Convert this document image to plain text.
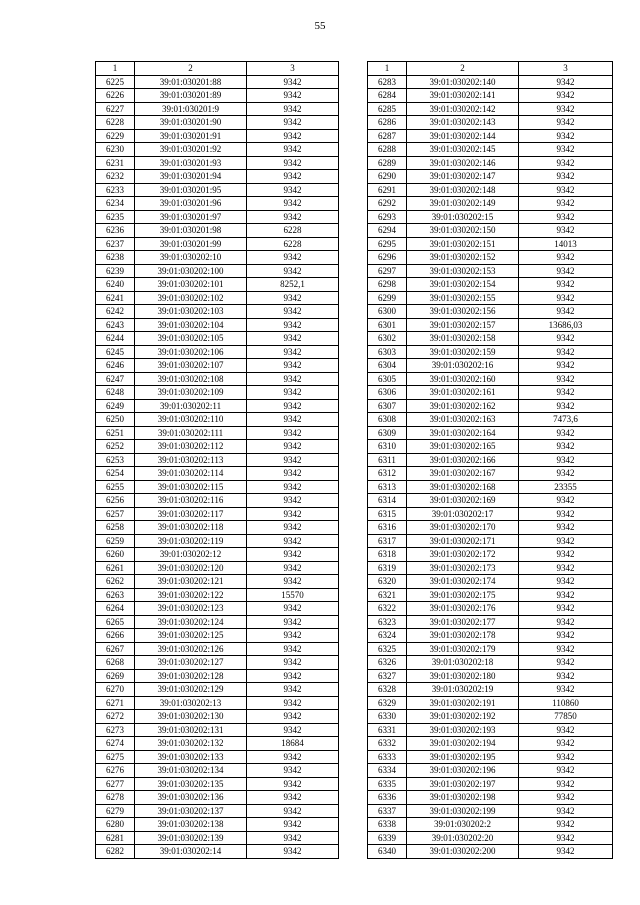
55
1	2	3
6225	39:01:030201:88	9342
6226	39:01:030201:89	9342
6227	39:01:030201:9	9342
6228	39:01:030201:90	9342
6229	39:01:030201:91	9342
6230	39:01:030201:92	9342
6231	39:01:030201:93	9342
6232	39:01:030201:94	9342
6233	39:01:030201:95	9342
6234	39:01:030201:96	9342
6235	39:01:030201:97	9342
6236	39:01:030201:98	6228
6237	39:01:030201:99	6228
6238	39:01:030202:10	9342
6239	39:01:030202:100	9342
6240	39:01:030202:101	8252,1
6241	39:01:030202:102	9342
6242	39:01:030202:103	9342
6243	39:01:030202:104	9342
6244	39:01:030202:105	9342
6245	39:01:030202:106	9342
6246	39:01:030202:107	9342
6247	39:01:030202:108	9342
6248	39:01:030202:109	9342
6249	39:01:030202:11	9342
6250	39:01:030202:110	9342
6251	39:01:030202:111	9342
6252	39:01:030202:112	9342
6253	39:01:030202:113	9342
6254	39:01:030202:114	9342
6255	39:01:030202:115	9342
6256	39:01:030202:116	9342
6257	39:01:030202:117	9342
6258	39:01:030202:118	9342
6259	39:01:030202:119	9342
6260	39:01:030202:12	9342
6261	39:01:030202:120	9342
6262	39:01:030202:121	9342
6263	39:01:030202:122	15570
6264	39:01:030202:123	9342
6265	39:01:030202:124	9342
6266	39:01:030202:125	9342
6267	39:01:030202:126	9342
6268	39:01:030202:127	9342
6269	39:01:030202:128	9342
6270	39:01:030202:129	9342
6271	39:01:030202:13	9342
6272	39:01:030202:130	9342
6273	39:01:030202:131	9342
6274	39:01:030202:132	18684
6275	39:01:030202:133	9342
6276	39:01:030202:134	9342
6277	39:01:030202:135	9342
6278	39:01:030202:136	9342
6279	39:01:030202:137	9342
6280	39:01:030202:138	9342
6281	39:01:030202:139	9342
6282	39:01:030202:14	9342
1	2	3
6283	39:01:030202:140	9342
6284	39:01:030202:141	9342
6285	39:01:030202:142	9342
6286	39:01:030202:143	9342
6287	39:01:030202:144	9342
6288	39:01:030202:145	9342
6289	39:01:030202:146	9342
6290	39:01:030202:147	9342
6291	39:01:030202:148	9342
6292	39:01:030202:149	9342
6293	39:01:030202:15	9342
6294	39:01:030202:150	9342
6295	39:01:030202:151	14013
6296	39:01:030202:152	9342
6297	39:01:030202:153	9342
6298	39:01:030202:154	9342
6299	39:01:030202:155	9342
6300	39:01:030202:156	9342
6301	39:01:030202:157	13686,03
6302	39:01:030202:158	9342
6303	39:01:030202:159	9342
6304	39:01:030202:16	9342
6305	39:01:030202:160	9342
6306	39:01:030202:161	9342
6307	39:01:030202:162	9342
6308	39:01:030202:163	7473,6
6309	39:01:030202:164	9342
6310	39:01:030202:165	9342
6311	39:01:030202:166	9342
6312	39:01:030202:167	9342
6313	39:01:030202:168	23355
6314	39:01:030202:169	9342
6315	39:01:030202:17	9342
6316	39:01:030202:170	9342
6317	39:01:030202:171	9342
6318	39:01:030202:172	9342
6319	39:01:030202:173	9342
6320	39:01:030202:174	9342
6321	39:01:030202:175	9342
6322	39:01:030202:176	9342
6323	39:01:030202:177	9342
6324	39:01:030202:178	9342
6325	39:01:030202:179	9342
6326	39:01:030202:18	9342
6327	39:01:030202:180	9342
6328	39:01:030202:19	9342
6329	39:01:030202:191	110860
6330	39:01:030202:192	77850
6331	39:01:030202:193	9342
6332	39:01:030202:194	9342
6333	39:01:030202:195	9342
6334	39:01:030202:196	9342
6335	39:01:030202:197	9342
6336	39:01:030202:198	9342
6337	39:01:030202:199	9342
6338	39:01:030202:2	9342
6339	39:01:030202:20	9342
6340	39:01:030202:200	9342
